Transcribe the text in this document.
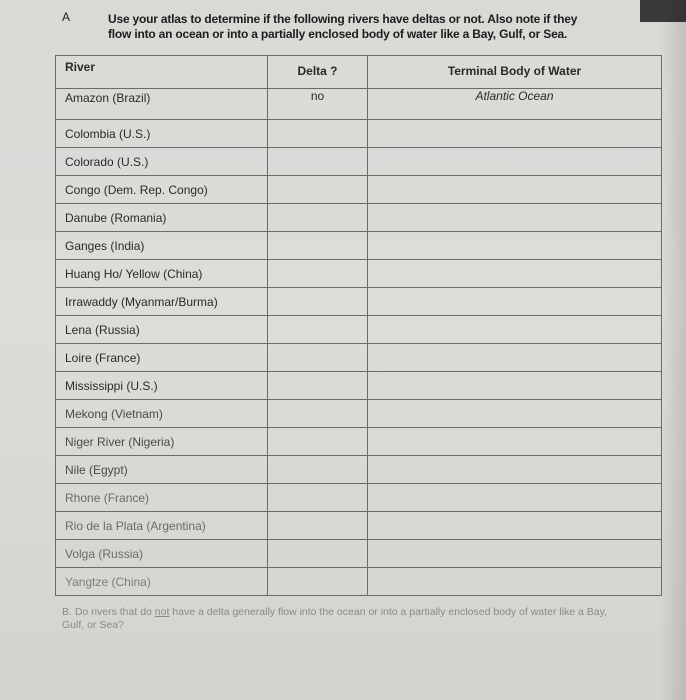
A	Use your atlas to determine if the following rivers have deltas or not. Also note if they flow into an ocean or into a partially enclosed body of water like a Bay, Gulf, or Sea.
River	Delta ?	Terminal Body of Water
Amazon (Brazil)	no	Atlantic Ocean
Colombia (U.S.)		
Colorado (U.S.)		
Congo (Dem. Rep. Congo)		
Danube (Romania)		
Ganges (India)		
Huang Ho/ Yellow (China)		
Irrawaddy (Myanmar/Burma)		
Lena (Russia)		
Loire (France)		
Mississippi (U.S.)		
Mekong (Vietnam)		
Niger River (Nigeria)		
Nile (Egypt)		
Rhone (France)		
Rio de la Plata (Argentina)		
Volga (Russia)		
Yangtze (China)		
B. Do rivers that do not have a delta generally flow into the ocean or into a partially enclosed body of water like a Bay, Gulf, or Sea?
